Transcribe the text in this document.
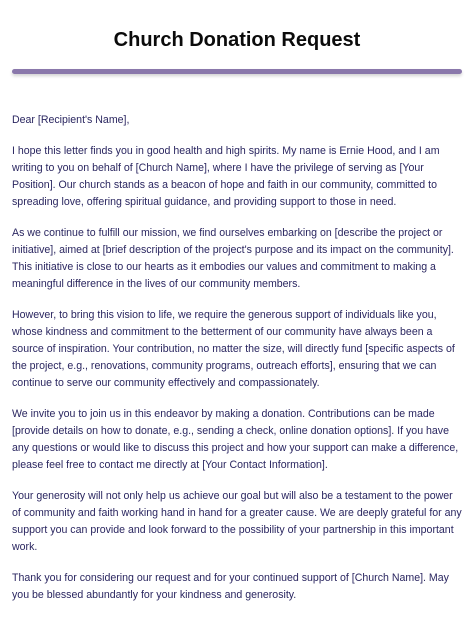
Church Donation Request

Dear [Recipient's Name],

I hope this letter finds you in good health and high spirits. My name is Ernie Hood, and I am writing to you on behalf of [Church Name], where I have the privilege of serving as [Your Position]. Our church stands as a beacon of hope and faith in our community, committed to spreading love, offering spiritual guidance, and providing support to those in need.

As we continue to fulfill our mission, we find ourselves embarking on [describe the project or initiative], aimed at [brief description of the project's purpose and its impact on the community]. This initiative is close to our hearts as it embodies our values and commitment to making a meaningful difference in the lives of our community members.

However, to bring this vision to life, we require the generous support of individuals like you, whose kindness and commitment to the betterment of our community have always been a source of inspiration. Your contribution, no matter the size, will directly fund [specific aspects of the project, e.g., renovations, community programs, outreach efforts], ensuring that we can continue to serve our community effectively and compassionately.

We invite you to join us in this endeavor by making a donation. Contributions can be made [provide details on how to donate, e.g., sending a check, online donation options]. If you have any questions or would like to discuss this project and how your support can make a difference, please feel free to contact me directly at [Your Contact Information].

Your generosity will not only help us achieve our goal but will also be a testament to the power of community and faith working hand in hand for a greater cause. We are deeply grateful for any support you can provide and look forward to the possibility of your partnership in this important work.

Thank you for considering our request and for your continued support of [Church Name]. May you be blessed abundantly for your kindness and generosity.
